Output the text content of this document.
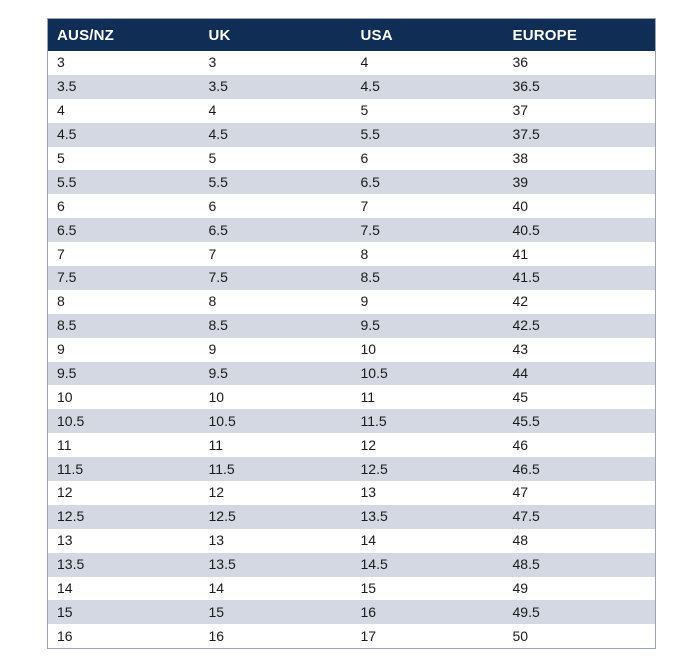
AUS/NZ	UK	USA	EUROPE
3	3	4	36
3.5	3.5	4.5	36.5
4	4	5	37
4.5	4.5	5.5	37.5
5	5	6	38
5.5	5.5	6.5	39
6	6	7	40
6.5	6.5	7.5	40.5
7	7	8	41
7.5	7.5	8.5	41.5
8	8	9	42
8.5	8.5	9.5	42.5
9	9	10	43
9.5	9.5	10.5	44
10	10	11	45
10.5	10.5	11.5	45.5
11	11	12	46
11.5	11.5	12.5	46.5
12	12	13	47
12.5	12.5	13.5	47.5
13	13	14	48
13.5	13.5	14.5	48.5
14	14	15	49
15	15	16	49.5
16	16	17	50
